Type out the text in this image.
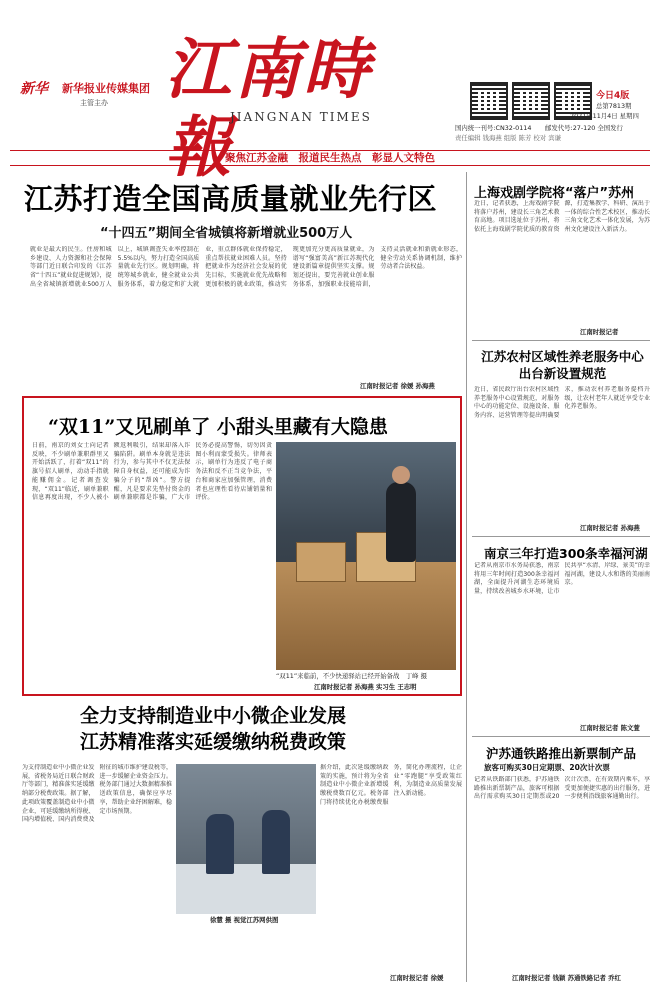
新华 新华报业传媒集团
主管主办 江南時報
JIANGNAN TIMES
今日4版
总第7813期
2021年11月4日 星期四
国内统一刊号:CN32-0114 邮发代号:27-120 全国发行
责任编辑 钱海燕 组版 陈芳 校对 宾谦
聚焦江苏金融　报道民生热点　彰显人文特色
江苏打造全国高质量就业先行区
“十四五”期间全省城镇将新增就业500万人

就业是最大的民生。住房和城乡建设、人力资源和社会保障等部门近日联合印发的《江苏省“十四五”就业促进规划》，提出全省城镇新增就业500万人以上，城镇调查失业率控制在5.5%以内，努力打造全国高质量就业先行区。规划明确，将统筹城乡就业，健全就业公共服务体系，着力稳定和扩大就业，重点群体就业保持稳定，重点帮扶就业困难人员。坚持把就业作为经济社会发展的优先目标，实施就业优先战略和更加积极的就业政策，推动实现更加充分更高质量就业，为谱写“强富美高”新江苏现代化建设新篇章提供坚实支撑。规划还提出，要完善就业创业服务体系，加强职业技能培训，支持灵活就业和新就业形态，健全劳动关系协调机制，维护劳动者合法权益。

江南时报记者 徐媛 孙海燕
“双11”又见刷单了 小甜头里藏有大隐患

日前，南京的刘女士向记者反映，不少刷单兼职群里又开始活跃了，打着“双11”的旗号招人刷单，动动手指就能赚佣金。记者调查发现，“双11”临近，刷单兼职信息再度出现，不少人被小额返利吸引，结果却落入诈骗陷阱。刷单本身就是违法行为，参与其中不仅无法保障自身权益，还可能成为诈骗分子的“帮凶”。警方提醒，凡是要求先垫付资金的刷单兼职都是诈骗，广大市民务必提高警惕，切勿因贪图小利而蒙受损失。律师表示，刷单行为违反了电子商务法和反不正当竞争法，平台和商家应加强管理，消费者也应理性看待店铺销量和评价。

“双11”来临前，不少快递驿站已经开始备战　丁峰 摄
江南时报记者 孙海燕 实习生 王志明
全力支持制造业中小微企业发展
江苏精准落实延缓缴纳税费政策

为支持制造业中小微企业发展，省税务局近日联合财政厅等部门，精准落实延缓缴纳部分税费政策。据了解，此项政策覆盖制造业中小微企业，可延缓缴纳所得税、国内增值税、国内消费费及附征的城市维护建设税等，进一步缓解企业资金压力。税务部门通过大数据精准推送政策信息，确保应享尽享，帮助企业纾困解难，稳定市场预期。

徐慧 摄 视觉江苏网供图

据介绍，此次延缓缴纳政策的实施，预计将为全省制造业中小微企业新增缓缴税费数百亿元。税务部门将持续优化办税缴费服务，简化办理流程，让企业“零跑腿”享受政策红利，为制造业高质量发展注入新动能。

江南时报记者 徐媛
上海戏剧学院将“落户”苏州

近日，记者获悉，上海戏剧学院将落户苏州，建设长三角艺术教育高地。项目选址位于苏州，将依托上海戏剧学院优质的教育资源，打造集教学、科研、演出于一体的综合性艺术校区，推动长三角文化艺术一体化发展，为苏州文化建设注入新活力。

江南时报记者
江苏农村区域性养老服务中心出台新设置规范

近日，省民政厅出台农村区域性养老服务中心设置规范，对服务中心的功能定位、设施设备、服务内容、运营管理等提出明确要求，推动农村养老服务提档升级，让农村老年人就近享受专业化养老服务。

江南时报记者 孙海燕
南京三年打造300条幸福河湖

记者从南京市水务局获悉，南京将用三年时间打造300条幸福河湖，全面提升河湖生态环境质量，持续改善城乡水环境，让市民共享“水清、岸绿、景美”的幸福河湖，建设人水和谐的美丽南京。

江南时报记者 陈文萱
沪苏通铁路推出新票制产品
旅客可购买30日定期票、20次计次票

记者从铁路部门获悉，沪苏通铁路推出新票制产品，旅客可根据出行需求购买30日定期票或20次计次票，在有效期内乘车，享受更加便捷实惠的出行服务，进一步便利沿线旅客通勤出行。

江南时报记者 钱颖 苏通铁路记者 乔红
